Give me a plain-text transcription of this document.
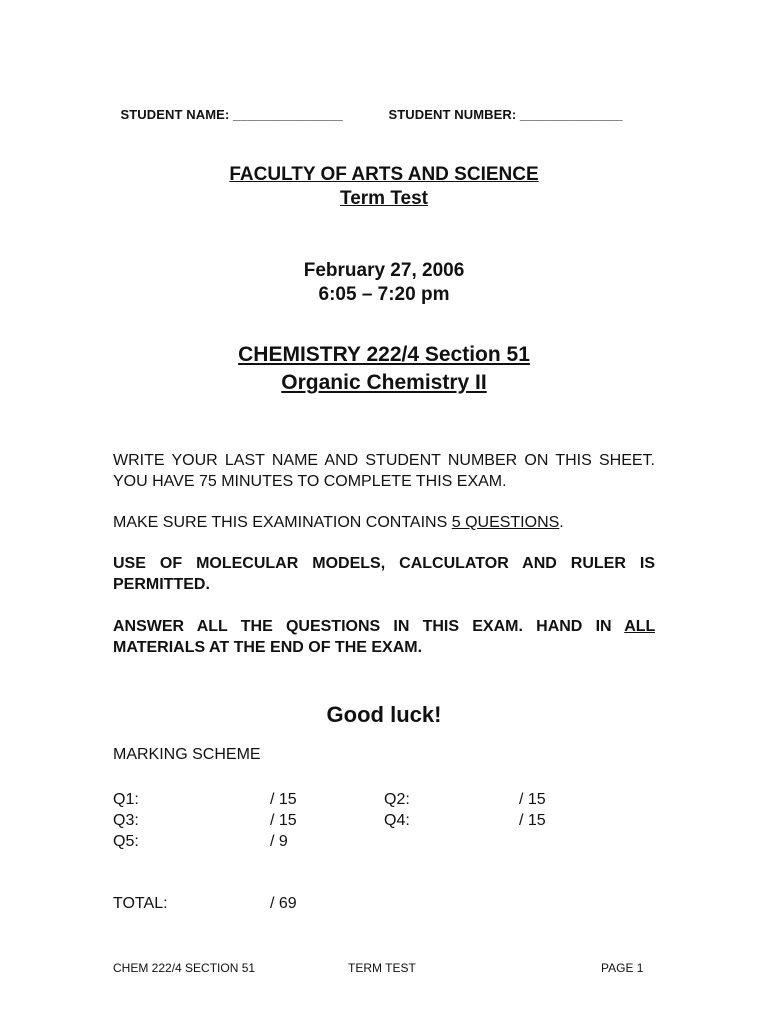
STUDENT NAME: _______________	STUDENT NUMBER: ______________

FACULTY OF ARTS AND SCIENCE
Term Test
February 27, 2006
6:05 – 7:20 pm
CHEMISTRY 222/4 Section 51
Organic Chemistry II
WRITE YOUR LAST NAME AND STUDENT NUMBER ON THIS SHEET. YOU HAVE 75 MINUTES TO COMPLETE THIS EXAM.
MAKE SURE THIS EXAMINATION CONTAINS 5 QUESTIONS.
USE OF MOLECULAR MODELS, CALCULATOR AND RULER IS PERMITTED.
ANSWER ALL THE QUESTIONS IN THIS EXAM. HAND IN ALL MATERIALS AT THE END OF THE EXAM.
Good luck!
MARKING SCHEME
Q1:	/ 15	Q2:	/ 15
Q3:	/ 15	Q4:	/ 15
Q5:	/ 9
TOTAL:	/ 69
CHEM 222/4 SECTION 51	TERM TEST	PAGE 1
